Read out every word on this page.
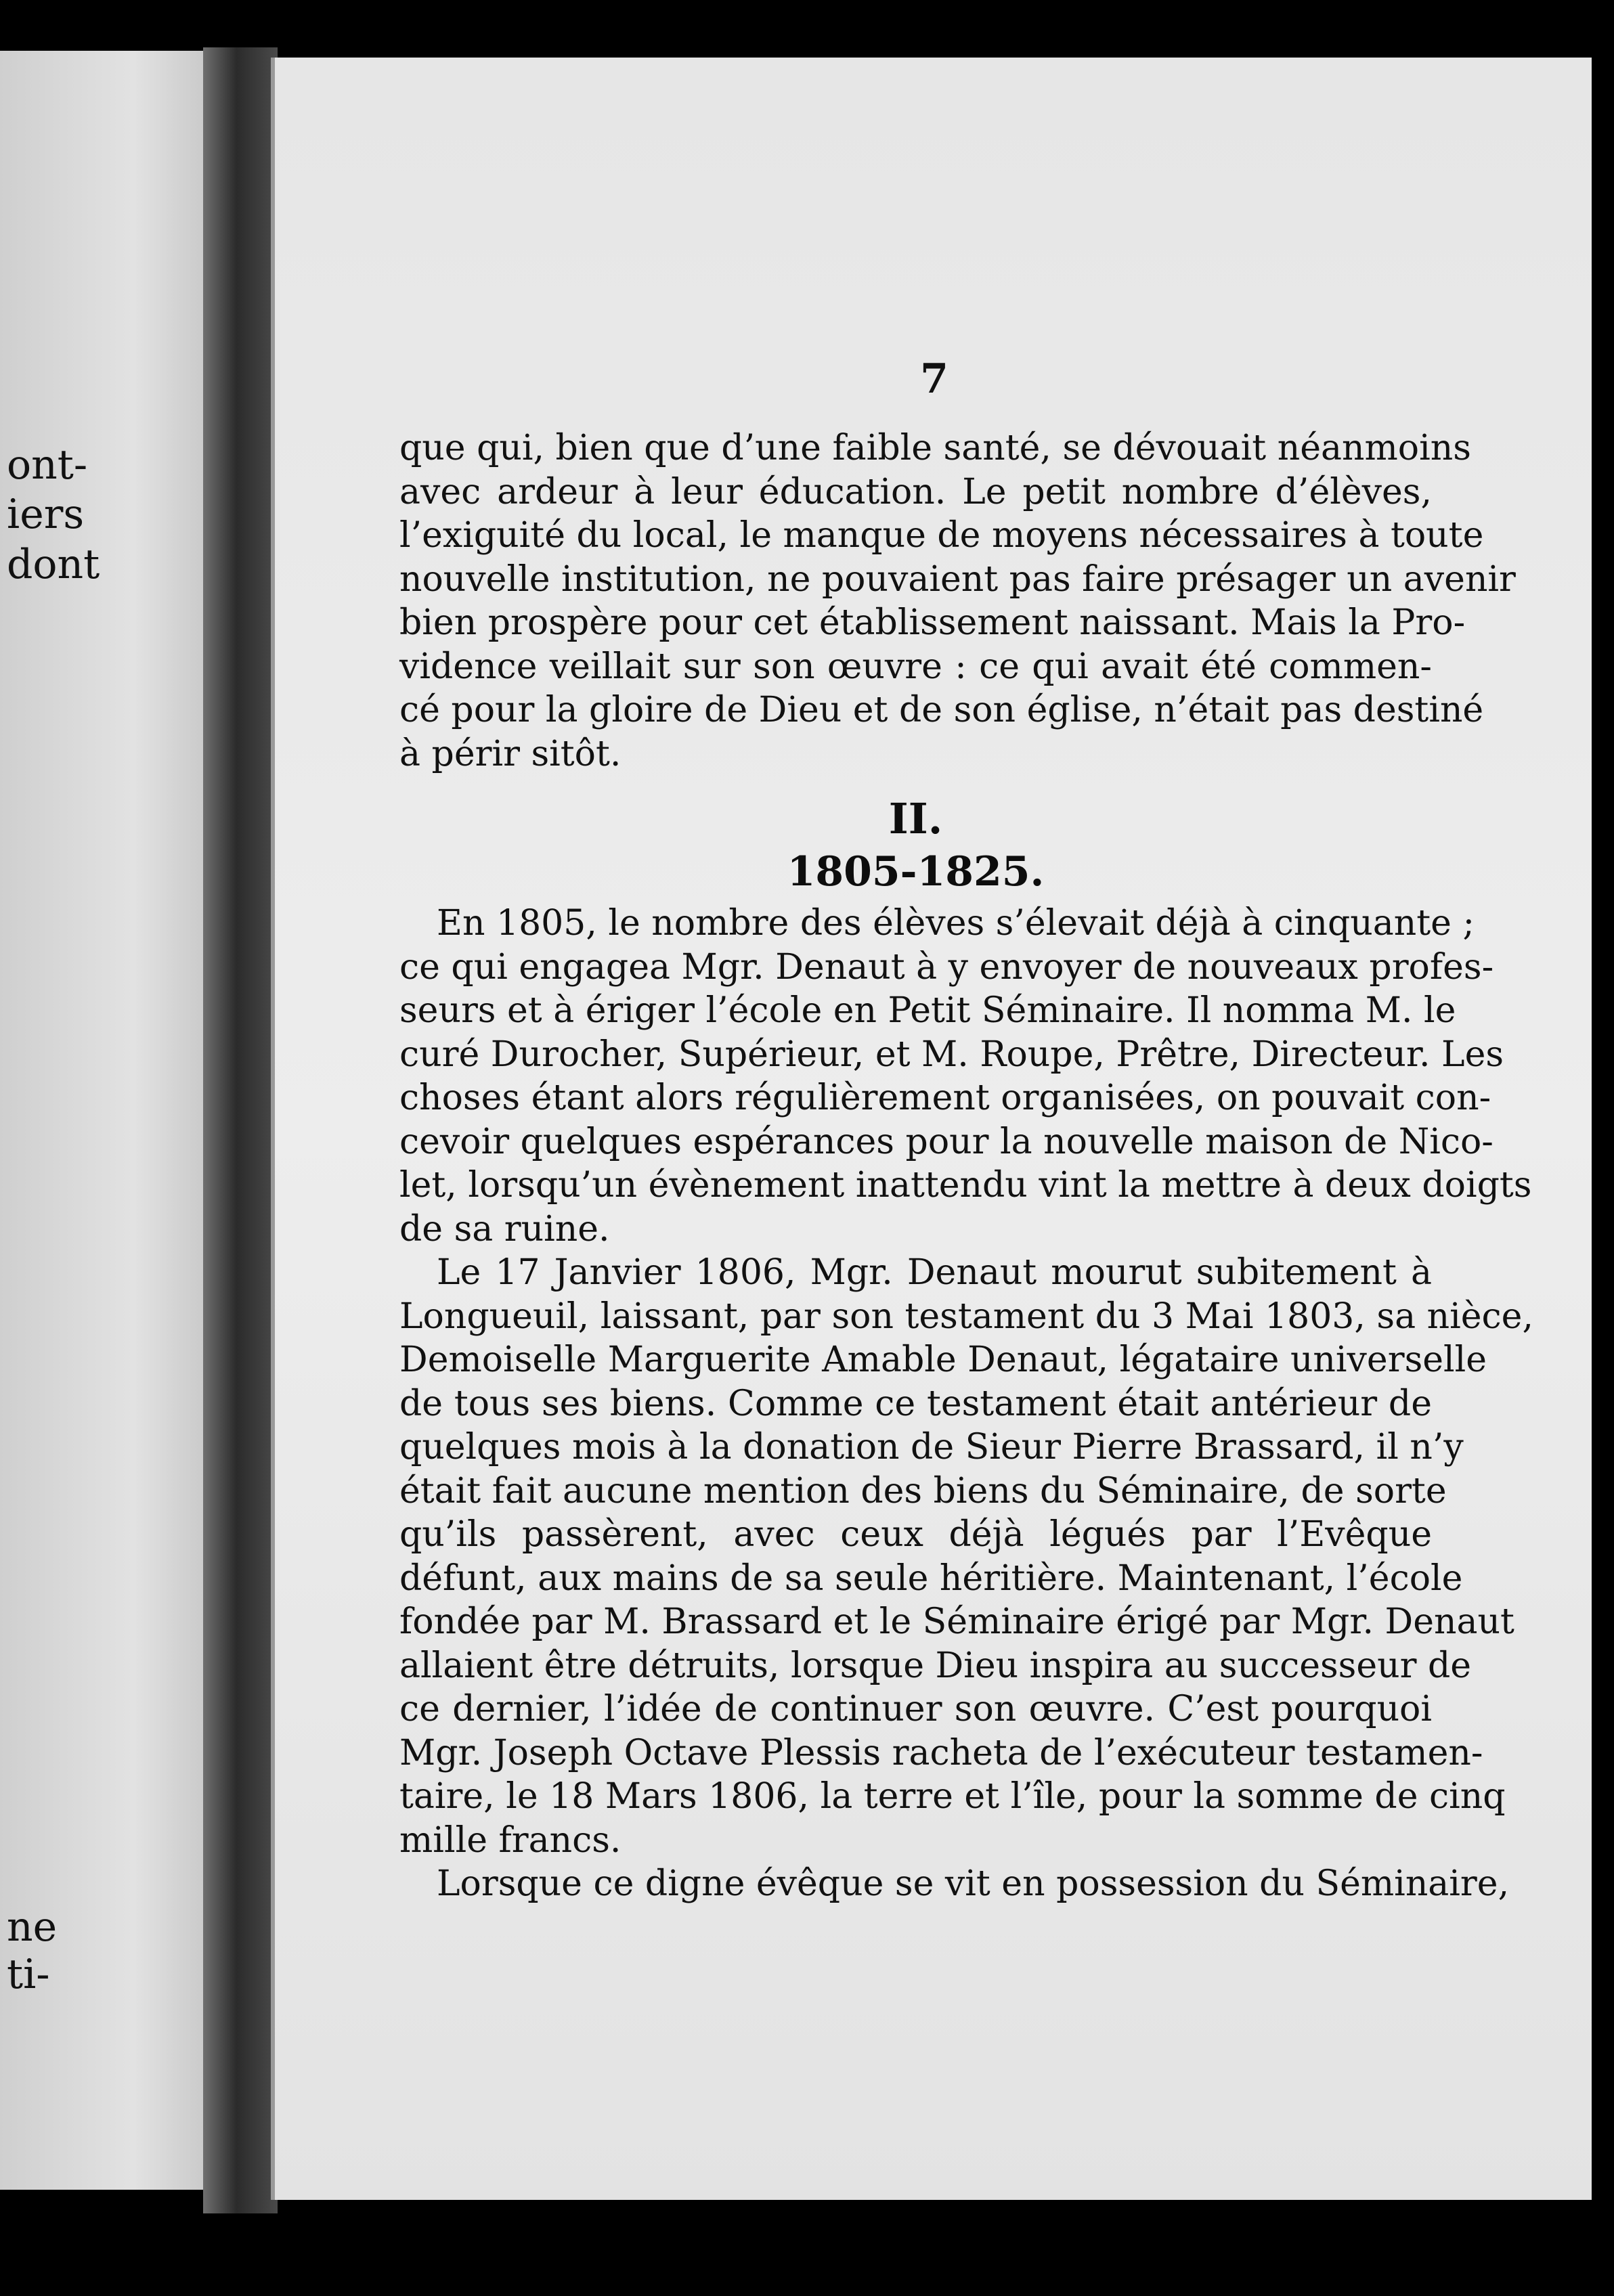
ont-
iers
dont
ne
ti-
7
que qui, bien que d’une faible santé, se dévouait néanmoins
avec ardeur à leur éducation. Le petit nombre d’élèves,
l’exiguité du local, le manque de moyens nécessaires à toute
nouvelle institution, ne pouvaient pas faire présager un avenir
bien prospère pour cet établissement naissant. Mais la Pro-
vidence veillait sur son œuvre : ce qui avait été commen-
cé pour la gloire de Dieu et de son église, n’était pas destiné
à périr sitôt.
II.
1805-1825.
En 1805, le nombre des élèves s’élevait déjà à cinquante ;
ce qui engagea Mgr. Denaut à y envoyer de nouveaux profes-
seurs et à ériger l’école en Petit Séminaire. Il nomma M. le
curé Durocher, Supérieur, et M. Roupe, Prêtre, Directeur. Les
choses étant alors régulièrement organisées, on pouvait con-
cevoir quelques espérances pour la nouvelle maison de Nico-
let, lorsqu’un évènement inattendu vint la mettre à deux doigts
de sa ruine.
Le 17 Janvier 1806, Mgr. Denaut mourut subitement à
Longueuil, laissant, par son testament du 3 Mai 1803, sa nièce,
Demoiselle Marguerite Amable Denaut, légataire universelle
de tous ses biens. Comme ce testament était antérieur de
quelques mois à la donation de Sieur Pierre Brassard, il n’y
était fait aucune mention des biens du Séminaire, de sorte
qu’ils passèrent, avec ceux déjà légués par l’Evêque
défunt, aux mains de sa seule héritière. Maintenant, l’école
fondée par M. Brassard et le Séminaire érigé par Mgr. Denaut
allaient être détruits, lorsque Dieu inspira au successeur de
ce dernier, l’idée de continuer son œuvre. C’est pourquoi
Mgr. Joseph Octave Plessis racheta de l’exécuteur testamen-
taire, le 18 Mars 1806, la terre et l’île, pour la somme de cinq
mille francs.
Lorsque ce digne évêque se vit en possession du Séminaire,
